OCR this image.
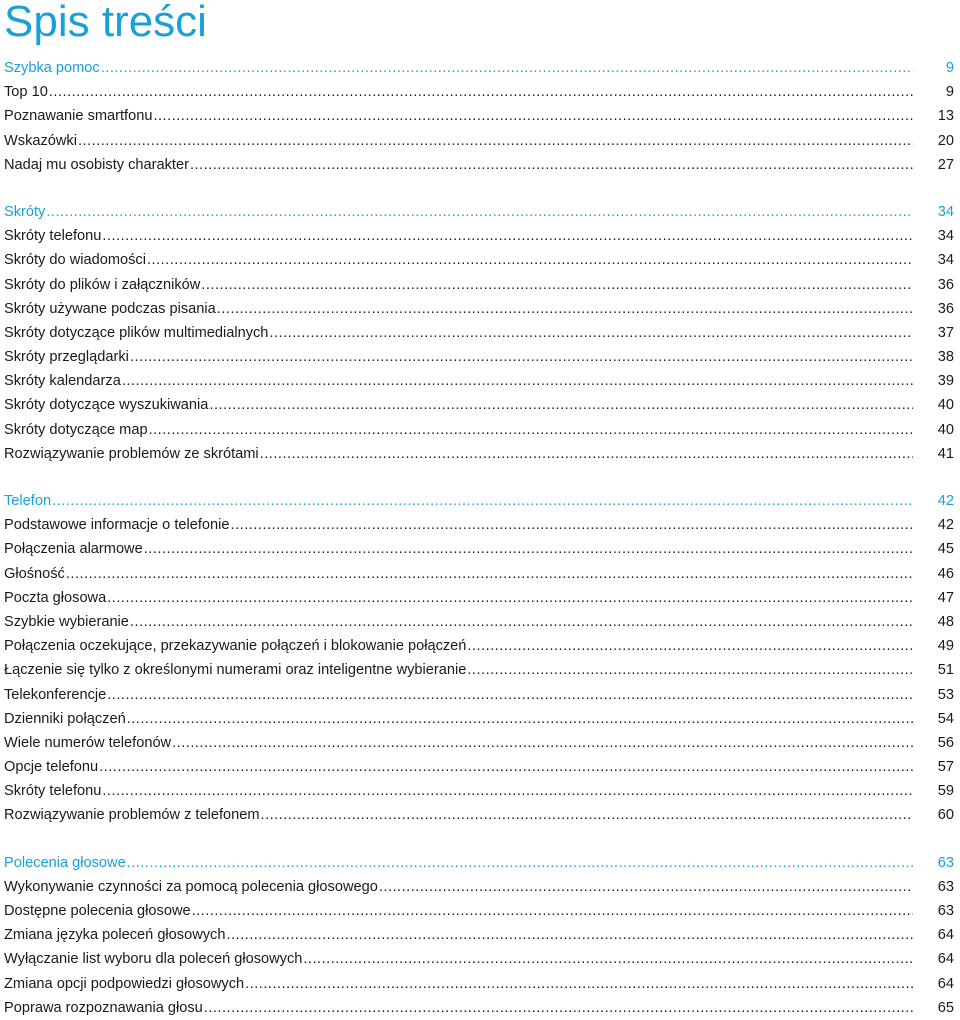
Spis treści
Szybka pomoc .....	9
Top 10 .....	9
Poznawanie smartfonu .....	13
Wskazówki .....	20
Nadaj mu osobisty charakter .....	27
Skróty .....	34
Skróty telefonu .....	34
Skróty do wiadomości .....	34
Skróty do plików i załączników .....	36
Skróty używane podczas pisania .....	36
Skróty dotyczące plików multimedialnych .....	37
Skróty przeglądarki .....	38
Skróty kalendarza .....	39
Skróty dotyczące wyszukiwania .....	40
Skróty dotyczące map .....	40
Rozwiązywanie problemów ze skrótami .....	41
Telefon .....	42
Podstawowe informacje o telefonie .....	42
Połączenia alarmowe .....	45
Głośność .....	46
Poczta głosowa .....	47
Szybkie wybieranie .....	48
Połączenia oczekujące, przekazywanie połączeń i blokowanie połączeń .....	49
Łączenie się tylko z określonymi numerami oraz inteligentne wybieranie .....	51
Telekonferencje .....	53
Dzienniki połączeń .....	54
Wiele numerów telefonów .....	56
Opcje telefonu .....	57
Skróty telefonu .....	59
Rozwiązywanie problemów z telefonem .....	60
Polecenia głosowe .....	63
Wykonywanie czynności za pomocą polecenia głosowego .....	63
Dostępne polecenia głosowe .....	63
Zmiana języka poleceń głosowych .....	64
Wyłączanie list wyboru dla poleceń głosowych .....	64
Zmiana opcji podpowiedzi głosowych .....	64
Poprawa rozpoznawania głosu .....	65
